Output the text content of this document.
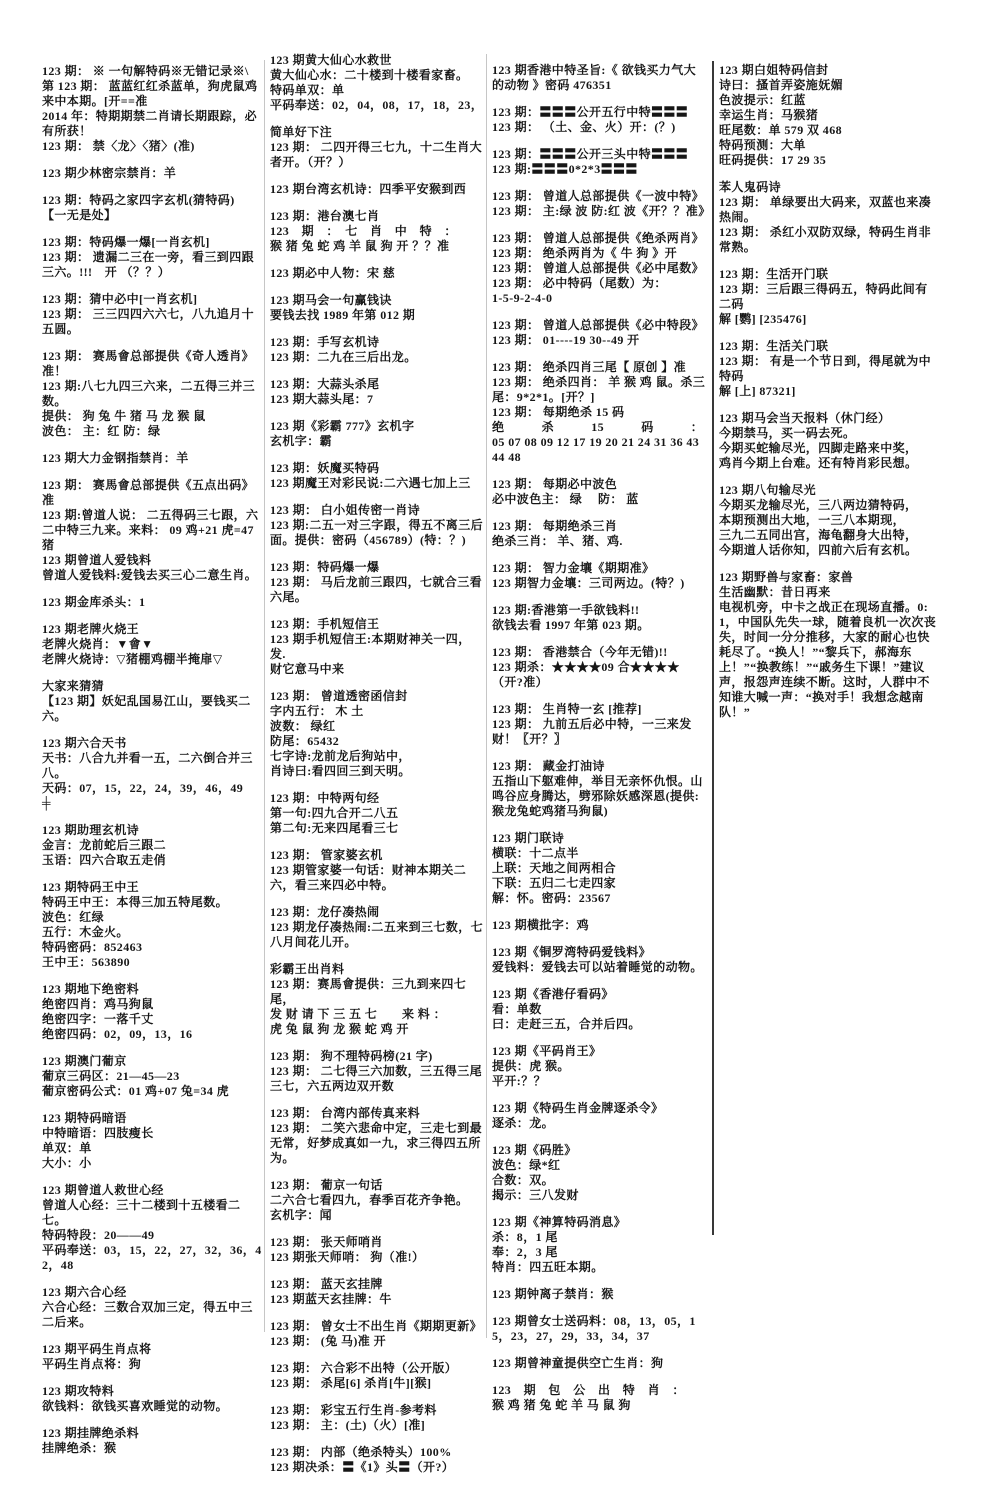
123 期： ※ 一句解特码※无错记录※\
第 123 期： 蓝蓝红红杀蓝单，狗虎鼠鸡来中本期。[开==准
2014 年：特期期禁二肖请长期跟踪，必有所获！
123 期： 禁〈龙〉〈猪〉(准)
123 期少林密宗禁肖：羊
123 期：特码之家四字玄机(猜特码)
【一无是处】
123 期：特码爆一爆[一肖玄机]
123 期： 遗漏二三在一旁，看三到四跟三六。!!!　开 （？？）
123 期：猜中必中[一肖玄机]
123 期： 三三四四六六七，八九追月十五圆。
123 期： 赛馬會总部提供《奇人透肖》准！
123 期:八七九四三六来，二五得三并三数。
提供： 狗 兔 牛 猪 马 龙 猴 鼠
波色： 主：红 防：绿
123 期大力金钢指禁肖：羊
123 期： 赛馬會总部提供《五点出码》准
123 期:曾道人说： 二五得码三七跟，六二中特三九来。来料： 09 鸡+21 虎=47 猪
123 期曾道人爱钱料
曾道人爱钱料:爱钱去买三心二意生肖。
123 期金库杀头：1
123 期老牌火烧王
老牌火烧肖：▼會▼
老牌火烧诗：▽猪棚鸡棚半掩扉▽
大家来猜猜
【123 期】妖妃乱国易江山，要钱买二六。
123 期六合天书
天书：八合九并看一五，二六倒合并三八。
天码：07，15，22，24，39，46，49
╪
123 期助理玄机诗
金言：龙前蛇后三跟二
玉语：四六合取五走俏
123 期特码王中王
特码王中王：本得三加五特尾数。
波色：红绿
五行：木金火。
特码密码：852463
王中王：563890
123 期地下绝密料
绝密四肖：鸡马狗鼠
绝密四字：一落千丈
绝密四码：02，09，13，16
123 期澳门葡京
葡京三码区：21—45—23
葡京密码公式：01 鸡+07 兔=34 虎
123 期特码暗语
中特暗语：四肢瘦长
单双：单
大小：小
123 期曾道人救世心经
曾道人心经：三十二楼到十五楼看二七。
特码特段：20——49
平码奉送：03，15，22，27，32，36，42，48
123 期六合心经
六合心经：三数合双加三定，得五中三二后来。
123 期平码生肖点将
平码生肖点将：狗
123 期攻特料
欲钱料：欲钱买喜欢睡觉的动物。
123 期挂牌绝杀料
挂牌绝杀：猴
123 期黄大仙心水救世
黄大仙心水：二十楼到十楼看家畜。
特码单双：单
平码奉送：02，04，08，17，18，23，
简单好下注
123 期： 二四开得三七九，十二生肖大者开。（开？）
123 期台湾玄机诗：四季平安猴到西
123 期：港台澳七肖
123　期　：　七　肖　中　特　：
猴 猪 兔 蛇 鸡 羊 鼠 狗 开 ？？准
123 期必中人物：宋 慈
123 期马会一句赢钱诀
要钱去找 1989 年第 012 期
123 期：手写玄机诗
123 期：二九在三后出龙。
123 期：大蒜头杀尾
123 期大蒜头尾：7
123 期《彩霸 777》玄机字
玄机字：霸
123 期：妖魔买特码
123 期魔王对彩民说:二六遇七加上三
123 期： 白小姐传密一肖诗
123 期:二五一对三字跟，得五不离三后面。提供：密码（456789）(特：？)
123 期：特码爆一爆
123 期： 马后龙前三跟四，七就合三看六尾。
123 期：手机短信王
123 期手机短信王:本期财神关一四，发.
财它意马中来
123 期： 曾道透密函信封
字内五行： 木 土
波数： 绿红
防尾：65432
七字诗:龙前龙后狗站中，
肖诗曰:看四回三到天明。
123 期：中特两句经
第一句:四九合开二八五
第二句:无来四尾看三七
123 期： 管家婆玄机
123 期管家婆一句话：财神本期关二六，看三来四必中特。
123 期：龙仔凑热闹
123 期龙仔凑热闹:二五来到三七数，七八月间花儿开。
彩霸王出肖料
123 期：赛馬會提供：三九到来四七尾，
发 财 请 下 三 五 七　　来 料 ：
虎 兔 鼠 狗 龙 猴 蛇 鸡 开
123 期： 狗不理特码榜(21 字)
123 期： 二七得三六加数，三五得三尾三七，六五两边双开数
123 期： 台湾内部传真来料
123 期： 二笑六悲命中定，三走七到最无常，好梦成真如一九，求三得四五所为。
123 期： 葡京一句话
二六合七看四九，春季百花齐争艳。
玄机字：闻
123 期： 张天师哨肖
123 期张天师哨： 狗（准!）
123 期： 蓝天玄挂牌
123 期蓝天玄挂牌：牛
123 期： 曾女士不出生肖《期期更新》
123 期： (兔 马)准 开
123 期： 六合彩不出特（公开版）
123 期： 杀尾[6] 杀肖[牛][猴]
123 期： 彩宝五行生肖-参考料
123 期： 主：(土)（火）[准]
123 期： 内部（绝杀特头）100%
123 期决杀：〓《1》头〓（开?）
123 期香港中特圣旨:《 欲钱买力气大的动物 》密码 476351
123 期：〓〓〓公开五行中特〓〓〓
123 期： （土、金、火）开：(？)
123 期：〓〓〓公开三头中特〓〓〓
123 期:〓〓〓0*2*3〓〓〓
123 期： 曾道人总部提供《一波中特》
123 期： 主:绿 波 防:红 波《开？？准》
123 期： 曾道人总部提供《绝杀两肖》
123 期： 绝杀两肖为《 牛 狗 》开
123 期： 曾道人总部提供《必中尾数》
123 期： 必中特码（尾数）为：
1-5-9-2-4-0
123 期： 曾道人总部提供《必中特段》
123 期： 01----19 30--49 开
123 期： 绝杀四肖三尾【 原创 】准
123 期： 绝杀四肖： 羊 猴 鸡 鼠。杀三尾：9*2*1。[开？]
123 期： 每期绝杀 15 码
绝　　　杀　　　15　　　码　　　：
05 07 08 09 12 17 19 20 21 24 31 36 43 44 48
123 期： 每期必中波色
必中波色主： 绿　 防： 蓝
123 期： 每期绝杀三肖
绝杀三肖： 羊、猪、鸡.
123 期： 智力金壤《期期准》
123 期智力金壤：三司两边。(特？)
123 期:香港第一手欲钱料!!
欲钱去看 1997 年第 023 期。
123 期： 香港禁合（今年无错)!!
123 期杀：★★★★09 合★★★★（开?准）
123 期： 生肖特一玄 [推荐]
123 期： 九前五后必中特，一三来发财！〖开？〗
123 期： 藏金打油诗
五指山下躯难伸，举目无亲怀仇恨。山鸣谷应身腾达，劈邪除妖感深恩(提供:猴龙兔蛇鸡猪马狗鼠)
123 期门联诗
横联：十二点半
上联：天地之间两相合
下联：五归二七走四家
解：怀。密码：23567
123 期横批字：鸡
123 期《铜罗湾特码爱钱料》
爱钱料：爱钱去可以站着睡觉的动物。
123 期《香港仔看码》
看：单数
曰：走赶三五，合并后四。
123 期《平码肖王》
提供：虎 猴。
平开:？？
123 期《特码生肖金牌逐杀令》
逐杀：龙。
123 期《码胜》
波色：绿*红
合数：双。
揭示：三八发财
123 期《神算特码消息》
杀：8，1 尾
奉：2，3 尾
特肖：四五旺本期。
123 期钟离子禁肖：猴
123 期曾女士送码料：08，13，05，15，23，27，29，33，34，37
123 期曾神童提供空亡生肖：狗
123　期　包　公　出　特　肖　：
猴 鸡 猪 兔 蛇 羊 马 鼠 狗
123 期白姐特码信封
诗曰：搔首弄姿施妩媚
色波提示：红蓝
幸运生肖：马猴猪
旺尾数：单 579 双 468
特码预测：大单
旺码提供：17 29 35
苯人鬼码诗
123 期： 单绿要出大码来，双蓝也来凑热闹。
123 期： 杀红小双防双绿，特码生肖非常熟。
123 期：生活开门联
123 期：三后跟三得码五，特码此间有二码
解 [鹦] [235476]
123 期：生活关门联
123 期： 有是一个节日到，得尾就为中特码
解 [上] 87321]
123 期马会当天报料（休门经）
今期禁马，买一码去死。
今期买蛇输尽光，四脚走路来中奖，
鸡肖今期上台难。还有特肖彩民想。
123 期八句输尽光
今期买龙输尽光，三八两边猜特码，
本期预测出大地，一三八本期现，
三九二五同出宫，海龟翻身大出特，
今期道人话你知，四前六后有玄机。
123 期野兽与家畜：家兽
生活幽默：昔日再来
电视机旁，中卡之战正在现场直播。0:1，中国队先失一球，随着良机一次次丧失，时间一分分推移，大家的耐心也快耗尽了。“换人！”“黎兵下，郝海东上！”“换教练！”“戚务生下课！”建议声，报怨声连续不断。这时，人群中不知谁大喊一声：“换对手！我想念越南队！”
